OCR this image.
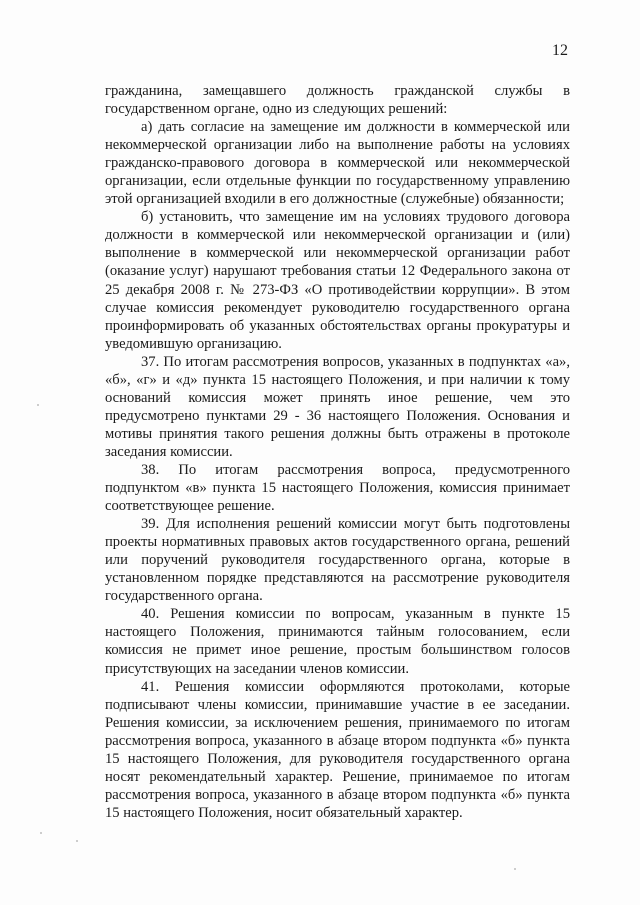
12

гражданина, замещавшего должность гражданской службы в государственном органе, одно из следующих решений:

а) дать согласие на замещение им должности в коммерческой или некоммерческой организации либо на выполнение работы на условиях гражданско-правового договора в коммерческой или некоммерческой организации, если отдельные функции по государственному управлению этой организацией входили в его должностные (служебные) обязанности;

б) установить, что замещение им на условиях трудового договора должности в коммерческой или некоммерческой организации и (или) выполнение в коммерческой или некоммерческой организации работ (оказание услуг) нарушают требования статьи 12 Федерального закона от 25 декабря 2008 г. № 273-ФЗ «О противодействии коррупции». В этом случае комиссия рекомендует руководителю государственного органа проинформировать об указанных обстоятельствах органы прокуратуры и уведомившую организацию.

37. По итогам рассмотрения вопросов, указанных в подпунктах «а», «б», «г» и «д» пункта 15 настоящего Положения, и при наличии к тому оснований комиссия может принять иное решение, чем это предусмотрено пунктами 29 - 36 настоящего Положения. Основания и мотивы принятия такого решения должны быть отражены в протоколе заседания комиссии.

38. По итогам рассмотрения вопроса, предусмотренного подпунктом «в» пункта 15 настоящего Положения, комиссия принимает соответствующее решение.

39. Для исполнения решений комиссии могут быть подготовлены проекты нормативных правовых актов государственного органа, решений или поручений руководителя государственного органа, которые в установленном порядке представляются на рассмотрение руководителя государственного органа.

40. Решения комиссии по вопросам, указанным в пункте 15 настоящего Положения, принимаются тайным голосованием, если комиссия не примет иное решение, простым большинством голосов присутствующих на заседании членов комиссии.

41. Решения комиссии оформляются протоколами, которые подписывают члены комиссии, принимавшие участие в ее заседании. Решения комиссии, за исключением решения, принимаемого по итогам рассмотрения вопроса, указанного в абзаце втором подпункта «б» пункта 15 настоящего Положения, для руководителя государственного органа носят рекомендательный характер. Решение, принимаемое по итогам рассмотрения вопроса, указанного в абзаце втором подпункта «б» пункта 15 настоящего Положения, носит обязательный характер.
